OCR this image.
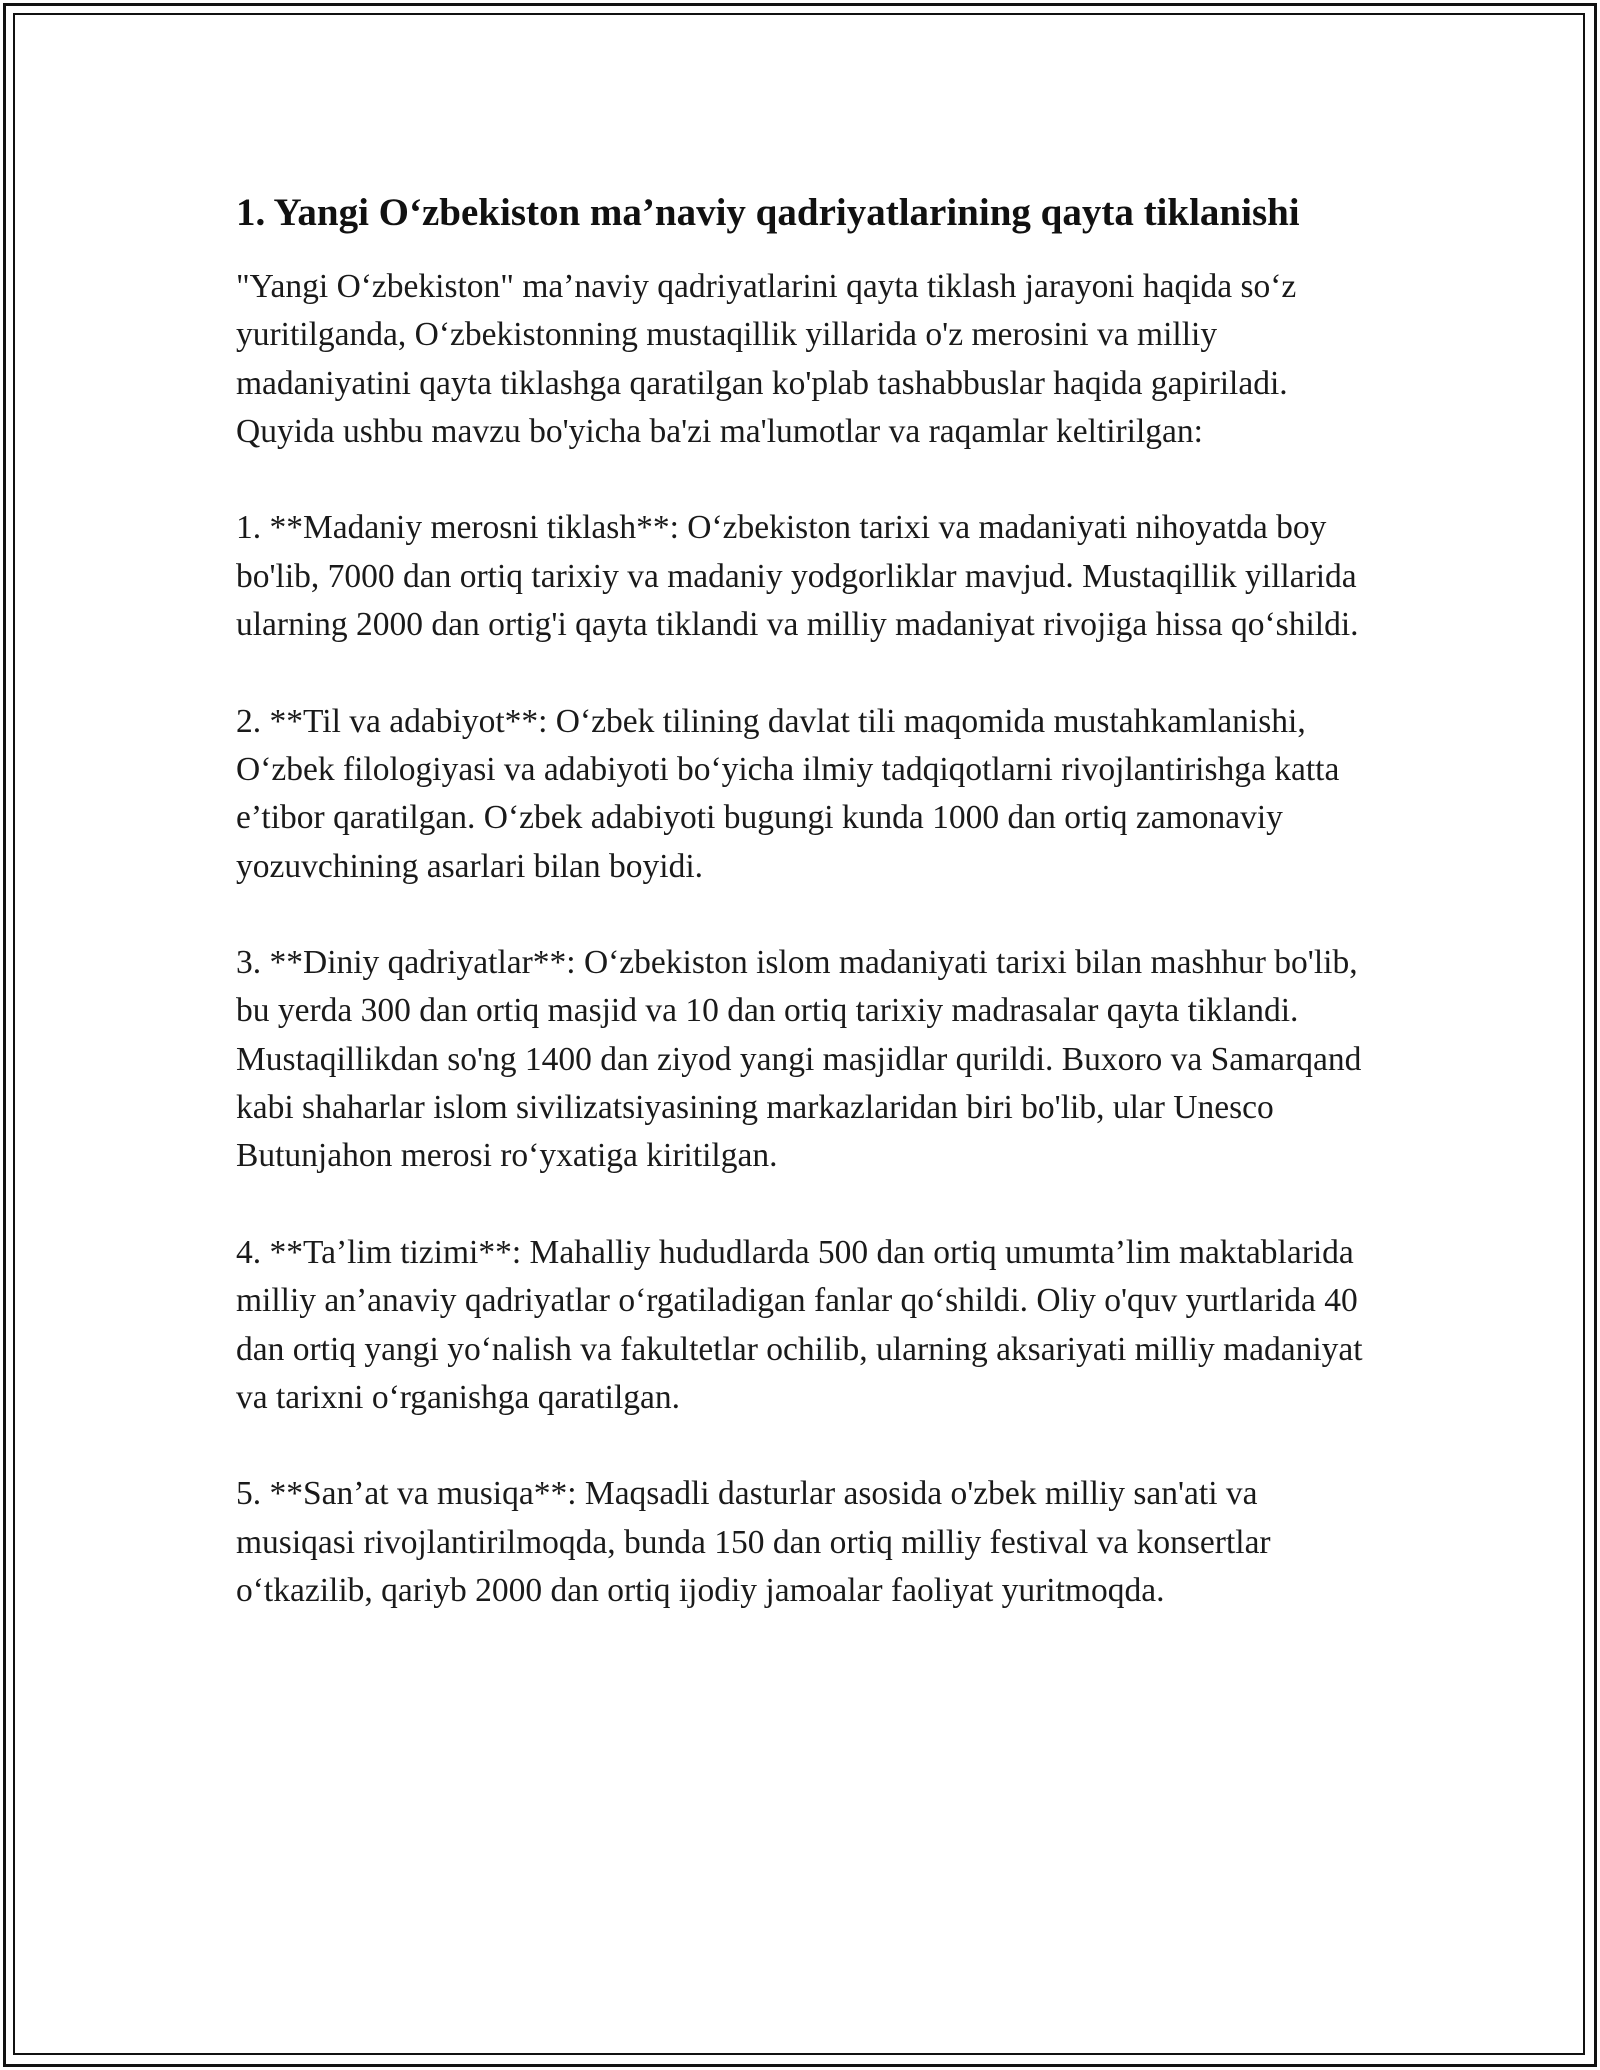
1. Yangi O‘zbekiston ma’naviy qadriyatlarining qayta tiklanishi

"Yangi O‘zbekiston" ma’naviy qadriyatlarini qayta tiklash jarayoni haqida so‘z yuritilganda, O‘zbekistonning mustaqillik yillarida o'z merosini va milliy madaniyatini qayta tiklashga qaratilgan ko'plab tashabbuslar haqida gapiriladi. Quyida ushbu mavzu bo'yicha ba'zi ma'lumotlar va raqamlar keltirilgan:

1. **Madaniy merosni tiklash**: O‘zbekiston tarixi va madaniyati nihoyatda boy bo'lib, 7000 dan ortiq tarixiy va madaniy yodgorliklar mavjud. Mustaqillik yillarida ularning 2000 dan ortig'i qayta tiklandi va milliy madaniyat rivojiga hissa qo‘shildi.

2. **Til va adabiyot**: O‘zbek tilining davlat tili maqomida mustahkamlanishi, O‘zbek filologiyasi va adabiyoti bo‘yicha ilmiy tadqiqotlarni rivojlantirishga katta e’tibor qaratilgan. O‘zbek adabiyoti bugungi kunda 1000 dan ortiq zamonaviy yozuvchining asarlari bilan boyidi.

3. **Diniy qadriyatlar**: O‘zbekiston islom madaniyati tarixi bilan mashhur bo'lib, bu yerda 300 dan ortiq masjid va 10 dan ortiq tarixiy madrasalar qayta tiklandi. Mustaqillikdan so'ng 1400 dan ziyod yangi masjidlar qurildi. Buxoro va Samarqand kabi shaharlar islom sivilizatsiyasining markazlaridan biri bo'lib, ular Unesco Butunjahon merosi ro‘yxatiga kiritilgan.

4. **Ta’lim tizimi**: Mahalliy hududlarda 500 dan ortiq umumta’lim maktablarida milliy an’anaviy qadriyatlar o‘rgatiladigan fanlar qo‘shildi. Oliy o'quv yurtlarida 40 dan ortiq yangi yo‘nalish va fakultetlar ochilib, ularning aksariyati milliy madaniyat va tarixni o‘rganishga qaratilgan.

5. **San’at va musiqa**: Maqsadli dasturlar asosida o'zbek milliy san'ati va musiqasi rivojlantirilmoqda, bunda 150 dan ortiq milliy festival va konsertlar o‘tkazilib, qariyb 2000 dan ortiq ijodiy jamoalar faoliyat yuritmoqda.
